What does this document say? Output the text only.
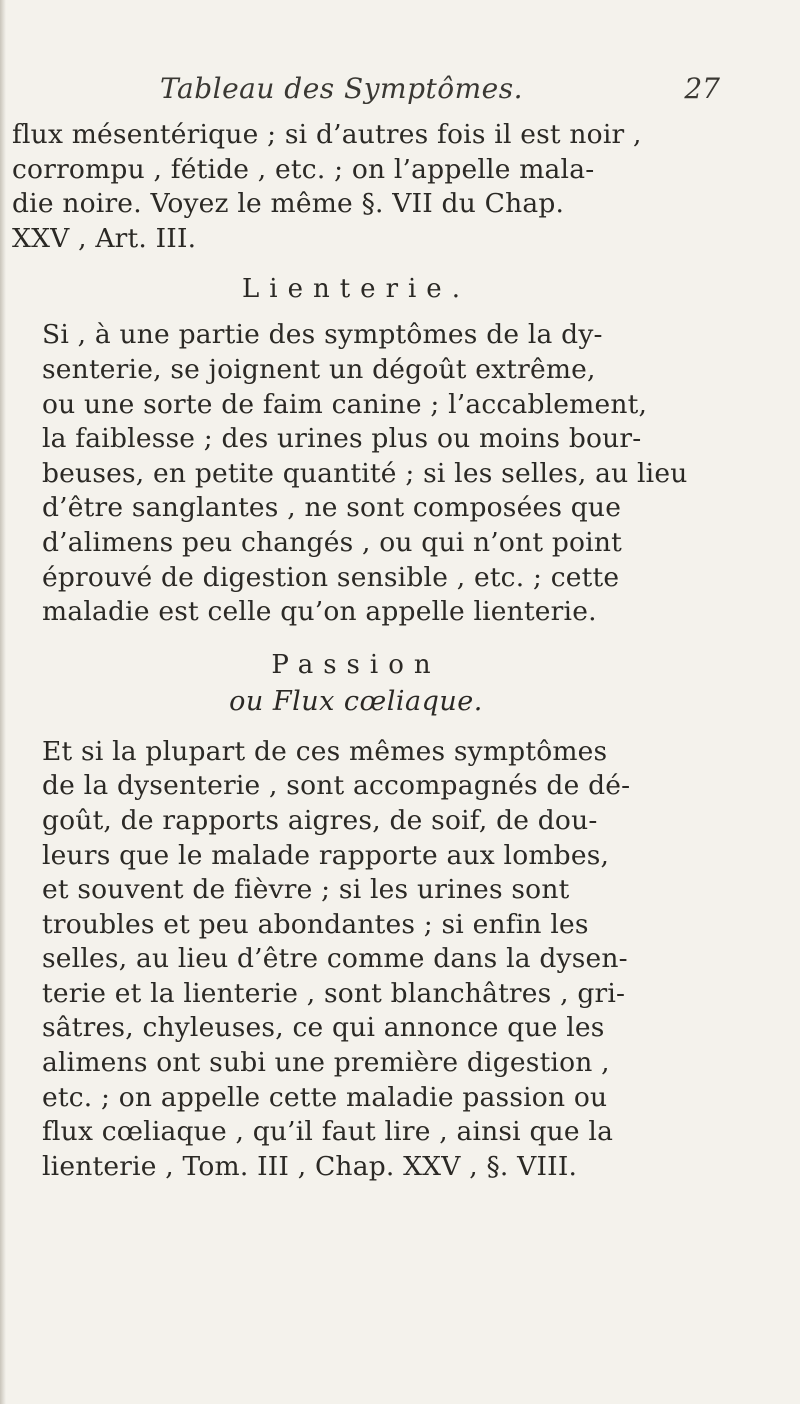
Tableau des Symptômes.	27
flux mésentérique ; si d’autres fois il est noir ,
corrompu , fétide , etc. ; on l’appelle mala-
die noire. Voyez le même §. VII du Chap.
XXV , Art. III.
Lienterie.
Si , à une partie des symptômes de la dy-
senterie, se joignent un dégoût extrême,
ou une sorte de faim canine ; l’accablement,
la faiblesse ; des urines plus ou moins bour-
beuses, en petite quantité ; si les selles, au lieu
d’être sanglantes , ne sont composées que
d’alimens peu changés , ou qui n’ont point
éprouvé de digestion sensible , etc. ; cette
maladie est celle qu’on appelle lienterie.
Passion
ou Flux cœliaque.
Et si la plupart de ces mêmes symptômes
de la dysenterie , sont accompagnés de dé-
goût, de rapports aigres, de soif, de dou-
leurs que le malade rapporte aux lombes,
et souvent de fièvre ; si les urines sont
troubles et peu abondantes ; si enfin les
selles, au lieu d’être comme dans la dysen-
terie et la lienterie , sont blanchâtres , gri-
sâtres, chyleuses, ce qui annonce que les
alimens ont subi une première digestion ,
etc. ; on appelle cette maladie passion ou
flux cœliaque , qu’il faut lire , ainsi que la
lienterie , Tom. III , Chap. XXV , §. VIII.
